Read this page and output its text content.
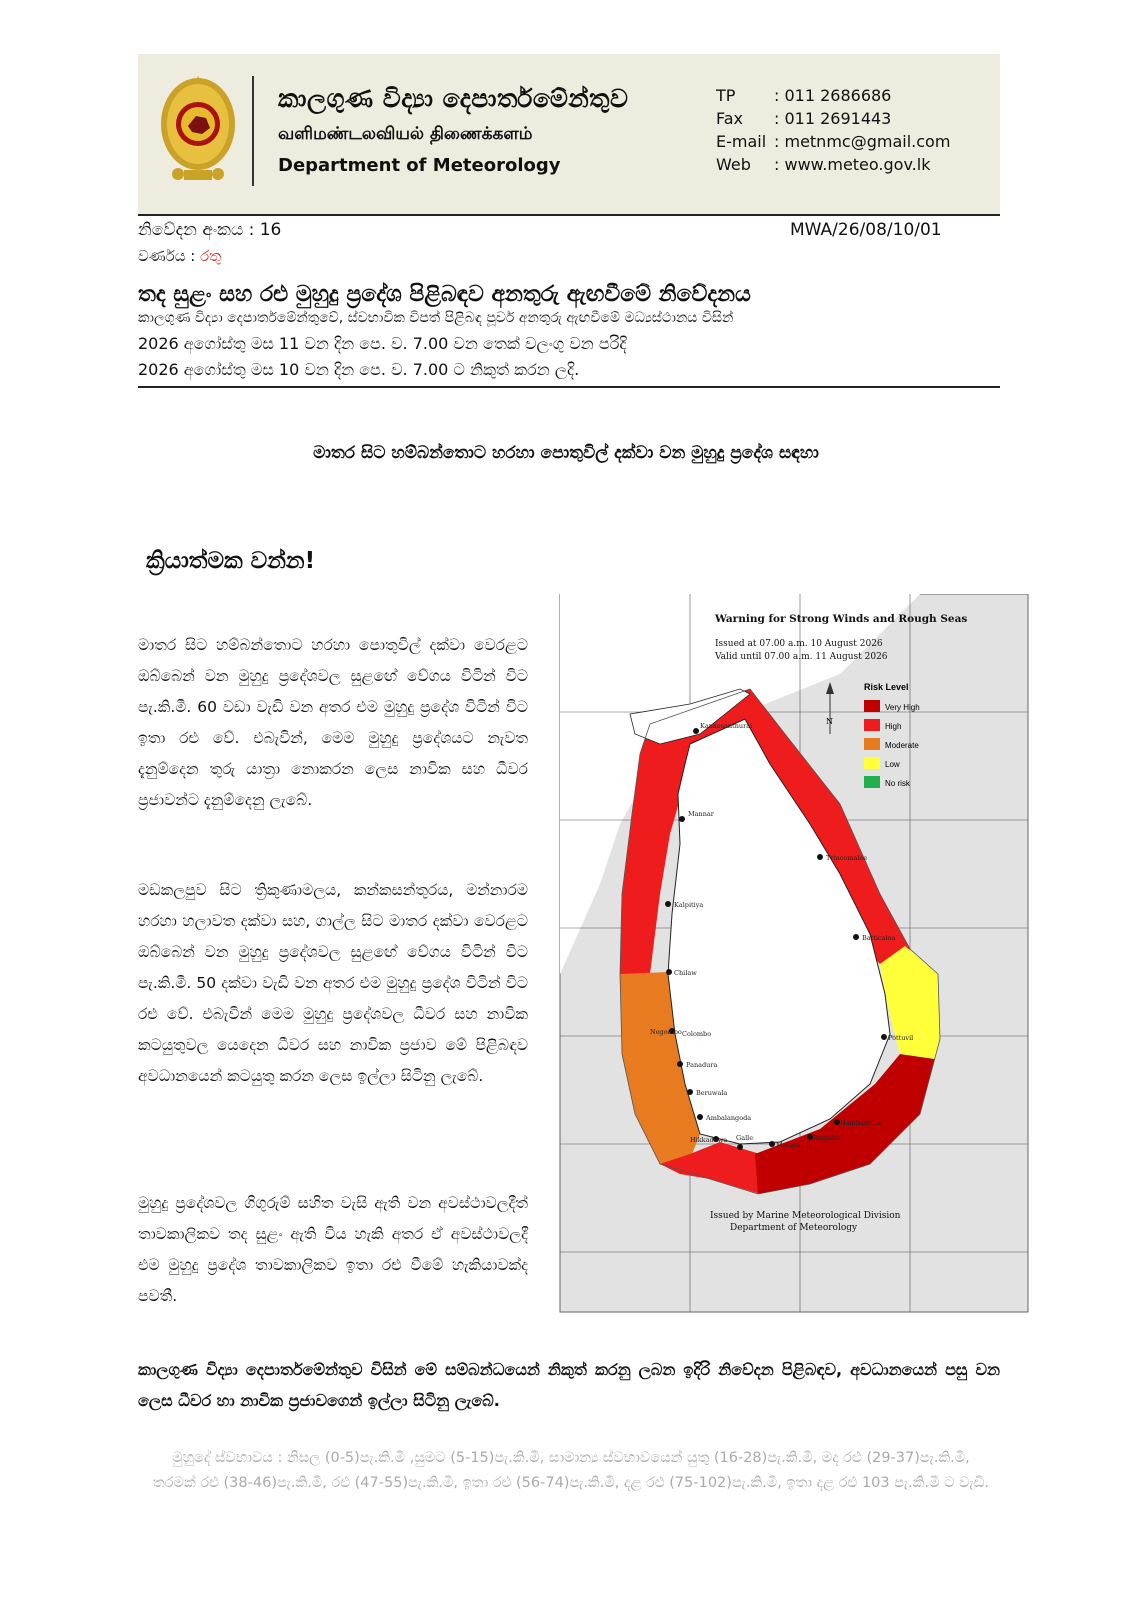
කාලගුණ විද්‍යා දෙපාර්තමේන්තුව
வளிமண்டலவியல் திணைக்களம்
Department of Meteorology
TP : 011 2686686
Fax : 011 2691443
E-mail : metnmc@gmail.com
Web : www.meteo.gov.lk
නිවේදන අංකය : 16	MWA/26/08/10/01
වර්ණය : රතු
තද සුළං සහ රළු මුහුදු ප්‍රදේශ පිළිබඳව අනතුරු ඇඟවීමේ නිවේදනය
කාලගුණ විද්‍යා දෙපාර්තමේන්තුවේ, ස්වභාවික විපත් පිළිබඳ පූර්ව අනතුරු ඇඟවීමේ මධ්‍යස්ථානය විසින්
2026 අගෝස්තු මස 11 වන දින පෙ. ව. 7.00 වන තෙක් වලංගු වන පරිදි
2026 අගෝස්තු මස 10 වන දින පෙ. ව. 7.00 ට නිකුත් කරන ලදි.
මාතර සිට හම්බන්තොට හරහා පොතුවිල් දක්වා වන මුහුදු ප්‍රදේශ සඳහා
ක්‍රියාත්මක වන්න!
මාතර සිට හම්බන්තොට හරහා පොතුවිල් දක්වා වෙරළට ඔබ්බෙන් වන මුහුදු ප්‍රදේශවල සුළඟේ වේගය විටින් විට පැ.කි.මී. 60 වඩා වැඩි වන අතර එම මුහුදු ප්‍රදේශ විටින් විට ඉතා රළු වේ. එබැවින්, මෙම මුහුදු ප්‍රදේශයට නැවත දැනුම්දෙන තුරු යාත්‍රා නොකරන ලෙස නාවික සහ ධීවර ප්‍රජාවන්ට දැනුම්දෙනු ලැබේ.
මඩකලපුව සිට ත්‍රිකුණාමලය, කන්කසන්තුරය, මන්නාරම හරහා හලාවත දක්වා සහ, ගාල්ල සිට මාතර දක්වා වෙරළට ඔබ්බෙන් වන මුහුදු ප්‍රදේශවල සුළඟේ වේගය විටින් විට පැ.කි.මී. 50 දක්වා වැඩි වන අතර එම මුහුදු ප්‍රදේශ විටින් විට රළු වේ. එබැවින් මෙම මුහුදු ප්‍රදේශවල ධීවර සහ නාවික කටයුතුවල යෙදෙන ධීවර සහ නාවික ප්‍රජාව මේ පිළිබඳව අවධානයෙන් කටයුතු කරන ලෙස ඉල්ලා සිටිනු ලැබේ.
මුහුදු ප්‍රදේශවල ගිගුරුම් සහිත වැසි ඇති වන අවස්ථාවලදීත් තාවකාලිකව තද සුළං ඇති විය හැකි අතර ඒ අවස්ථාවලදී එම මුහුදු ප්‍රදේශ තාවකාලිකව ඉතා රළු වීමේ හැකියාවක්ද පවතී.
කාලගුණ විද්‍යා දෙපාර්තමේන්තුව විසින් මේ සම්බන්ධයෙන් නිකුත් කරනු ලබන ඉදිරි නිවේදන පිළිබඳව, අවධානයෙන් පසු වන ලෙස ධීවර හා නාවික ප්‍රජාවගෙන් ඉල්ලා සිටිනු ලැබේ.
මුහුදේ ස්වභාවය : නිසල (0-5)පැ.කි.මී ,සුමට (5-15)පැ.කි.මී, සාමාන්‍ය ස්වභාවයෙන් යුතු (16-28)පැ.කි.මී, මද රළු (29-37)පැ.කි.මී, තරමක් රළු (38-46)පැ.කි.මී, රළු (47-55)පැ.කි.මී, ඉතා රළු (56-74)පැ.කි.මී, දළ රළු (75-102)පැ.කි.මී, ඉතා දළ රළු 103 පැ.කි.මී ට වැඩි.
Kankesanthurai
Mannar
Trincomalee
Kalpitiya
Batticaloa
Chilaw
Negombo Colombo
Panadura
Beruwala
Ambalangoda
Hikkaduwa Galle
Matara
Tangalle
Hambantota
Pottuvil
Warning for Strong Winds and Rough Seas
Issued at 07.00 a.m. 10 August 2026
Valid until 07.00 a.m. 11 August 2026
Issued by Marine Meteorological Division
Department of Meteorology
N
Risk Level
Very High
High
Moderate
Low
No risk
